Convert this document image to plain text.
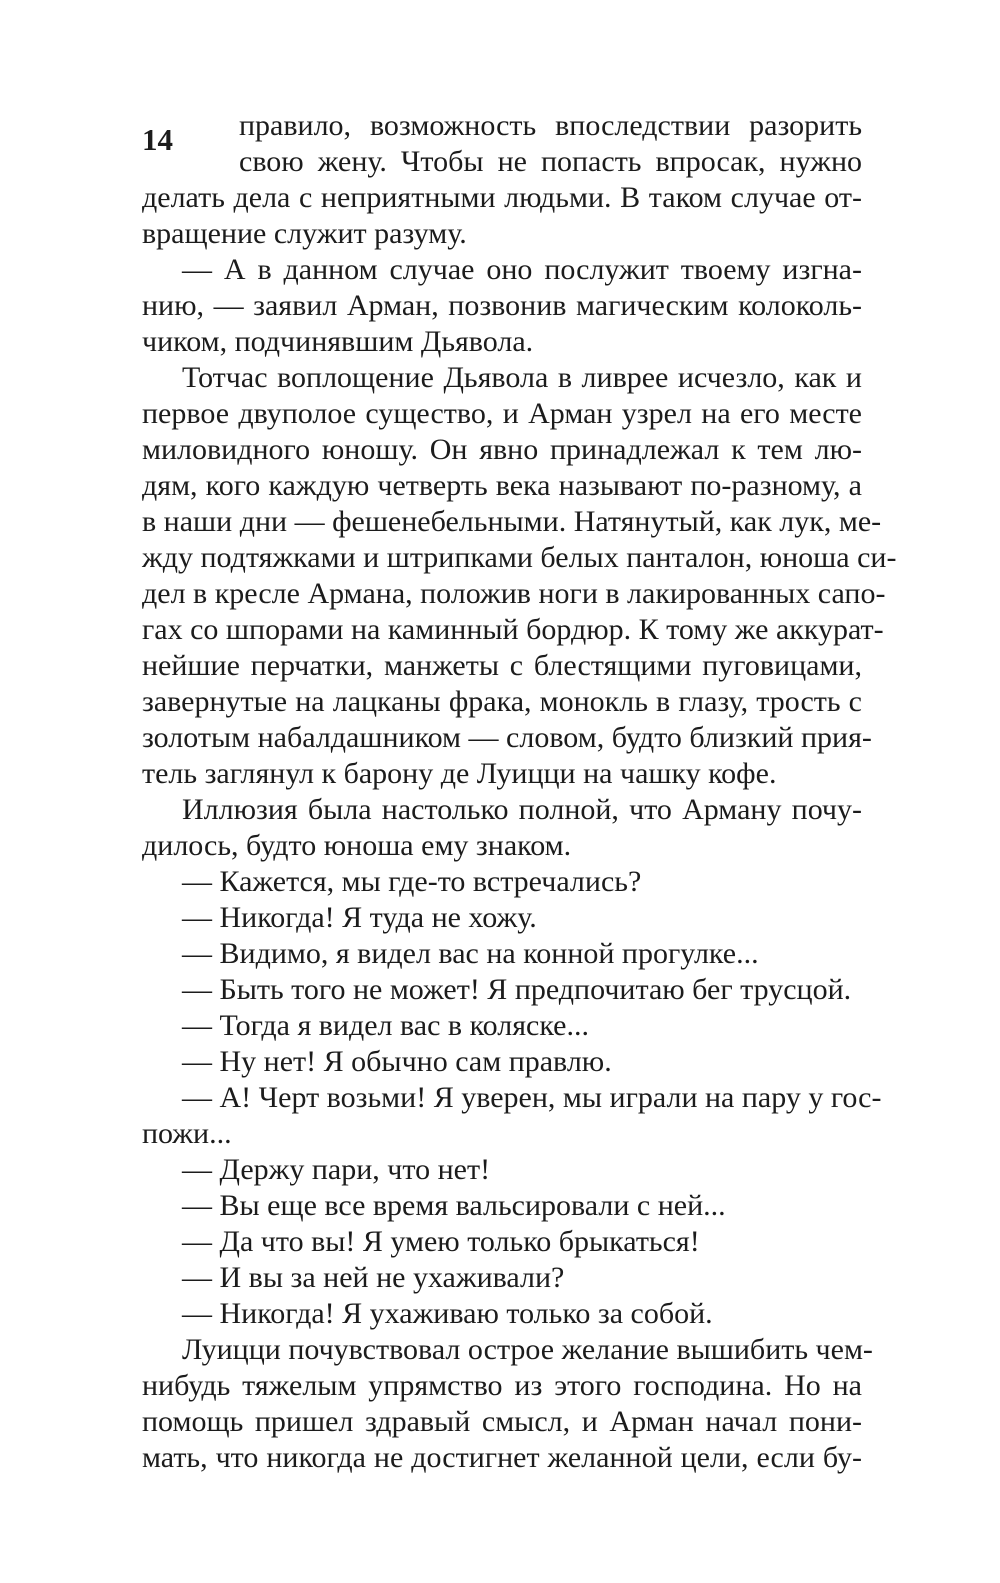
14	правило, возможность впоследствии разорить
свою жену. Чтобы не попасть впросак, нужно
делать дела с неприятными людьми. В таком случае от-
вращение служит разуму.
— А в данном случае оно послужит твоему изгна-
нию, — заявил Арман, позвонив магическим колоколь-
чиком, подчинявшим Дьявола.
Тотчас воплощение Дьявола в ливрее исчезло, как и
первое двуполое существо, и Арман узрел на его месте
миловидного юношу. Он явно принадлежал к тем лю-
дям, кого каждую четверть века называют по-разному, а
в наши дни — фешенебельными. Натянутый, как лук, ме-
жду подтяжками и штрипками белых панталон, юноша си-
дел в кресле Армана, положив ноги в лакированных сапо-
гах со шпорами на каминный бордюр. К тому же аккурат-
нейшие перчатки, манжеты с блестящими пуговицами,
завернутые на лацканы фрака, монокль в глазу, трость с
золотым набалдашником — словом, будто близкий прия-
тель заглянул к барону де Луицци на чашку кофе.
Иллюзия была настолько полной, что Арману почу-
дилось, будто юноша ему знаком.
— Кажется, мы где-то встречались?
— Никогда! Я туда не хожу.
— Видимо, я видел вас на конной прогулке...
— Быть того не может! Я предпочитаю бег трусцой.
— Тогда я видел вас в коляске...
— Ну нет! Я обычно сам правлю.
— А! Черт возьми! Я уверен, мы играли на пару у гос-
пожи...
— Держу пари, что нет!
— Вы еще все время вальсировали с ней...
— Да что вы! Я умею только брыкаться!
— И вы за ней не ухаживали?
— Никогда! Я ухаживаю только за собой.
Луицци почувствовал острое желание вышибить чем-
нибудь тяжелым упрямство из этого господина. Но на
помощь пришел здравый смысл, и Арман начал пони-
мать, что никогда не достигнет желанной цели, если бу-
